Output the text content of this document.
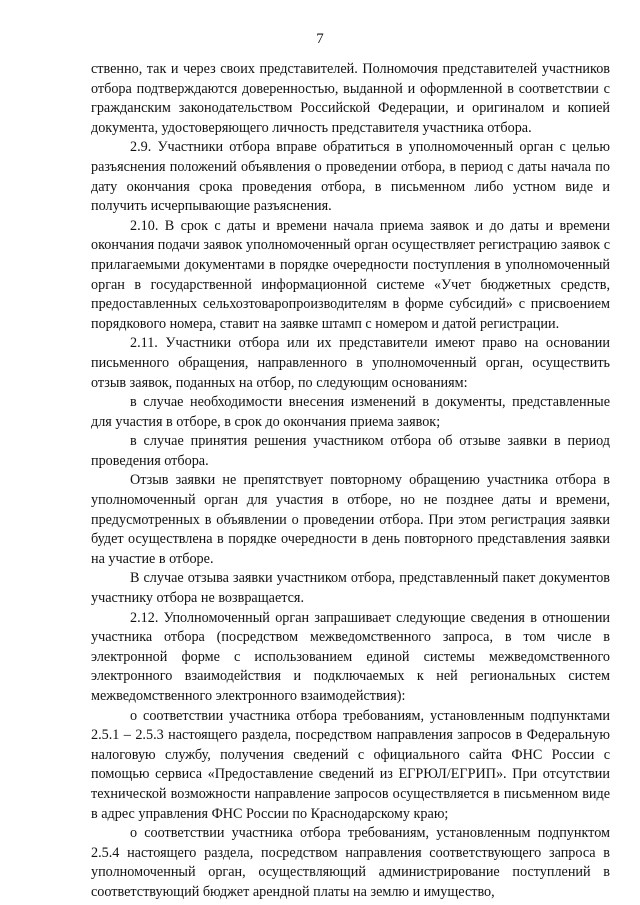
7

ственно, так и через своих представителей. Полномочия представителей участников отбора подтверждаются доверенностью, выданной и оформленной в соответствии с гражданским законодательством Российской Федерации, и оригиналом и копией документа, удостоверяющего личность представителя участника отбора.

2.9. Участники отбора вправе обратиться в уполномоченный орган с целью разъяснения положений объявления о проведении отбора, в период с даты начала по дату окончания срока проведения отбора, в письменном либо устном виде и получить исчерпывающие разъяснения.

2.10. В срок с даты и времени начала приема заявок и до даты и времени окончания подачи заявок уполномоченный орган осуществляет регистрацию заявок с прилагаемыми документами в порядке очередности поступления в уполномоченный орган в государственной информационной системе «Учет бюджетных средств, предоставленных сельхозтоваропроизводителям в форме субсидий» с присвоением порядкового номера, ставит на заявке штамп с номером и датой регистрации.

2.11. Участники отбора или их представители имеют право на основании письменного обращения, направленного в уполномоченный орган, осуществить отзыв заявок, поданных на отбор, по следующим основаниям:

в случае необходимости внесения изменений в документы, представленные для участия в отборе, в срок до окончания приема заявок;

в случае принятия решения участником отбора об отзыве заявки в период проведения отбора.

Отзыв заявки не препятствует повторному обращению участника отбора в уполномоченный орган для участия в отборе, но не позднее даты и времени, предусмотренных в объявлении о проведении отбора. При этом регистрация заявки будет осуществлена в порядке очередности в день повторного представления заявки на участие в отборе.

В случае отзыва заявки участником отбора, представленный пакет документов участнику отбора не возвращается.

2.12. Уполномоченный орган запрашивает следующие сведения в отношении участника отбора (посредством межведомственного запроса, в том числе в электронной форме с использованием единой системы межведомственного электронного взаимодействия и подключаемых к ней региональных систем межведомственного электронного взаимодействия):

о соответствии участника отбора требованиям, установленным подпунктами 2.5.1 – 2.5.3 настоящего раздела, посредством направления запросов в Федеральную налоговую службу, получения сведений с официального сайта ФНС России с помощью сервиса «Предоставление сведений из ЕГРЮЛ/ЕГРИП». При отсутствии технической возможности направление запросов осуществляется в письменном виде в адрес управления ФНС России по Краснодарскому краю;

о соответствии участника отбора требованиям, установленным подпунктом 2.5.4 настоящего раздела, посредством направления соответствующего запроса в уполномоченный орган, осуществляющий администрирование поступлений в соответствующий бюджет арендной платы на землю и имущество,
